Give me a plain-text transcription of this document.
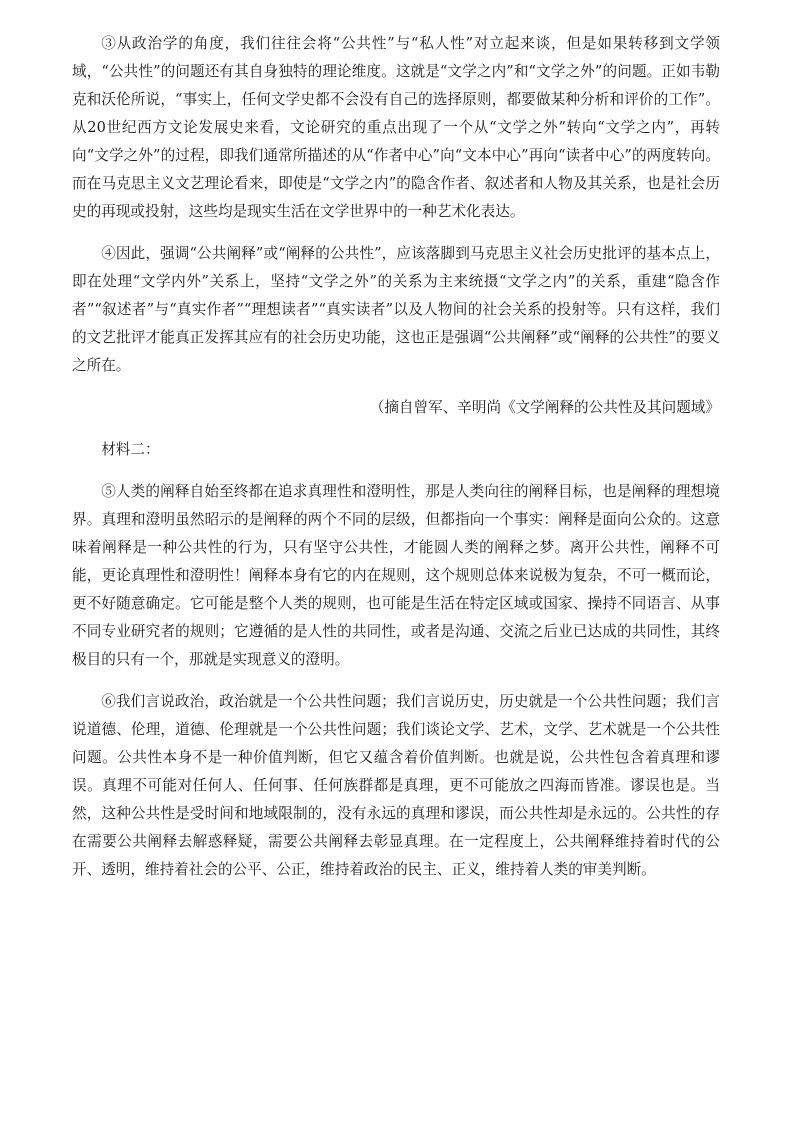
③从政治学的角度，我们往往会将“公共性”与“私人性”对立起来谈，但是如果转移到文学领域，“公共性”的问题还有其自身独特的理论维度。这就是“文学之内”和“文学之外”的问题。正如韦勒克和沃伦所说，“事实上，任何文学史都不会没有自己的选择原则，都要做某种分析和评价的工作”。从20世纪西方文论发展史来看，文论研究的重点出现了一个从“文学之外”转向“文学之内”，再转向“文学之外”的过程，即我们通常所描述的从“作者中心”向“文本中心”再向“读者中心”的两度转向。而在马克思主义文艺理论看来，即使是“文学之内”的隐含作者、叙述者和人物及其关系，也是社会历史的再现或投射，这些均是现实生活在文学世界中的一种艺术化表达。

④因此，强调“公共阐释”或“阐释的公共性”，应该落脚到马克思主义社会历史批评的基本点上，即在处理“文学内外”关系上，坚持“文学之外”的关系为主来统摄“文学之内”的关系，重建“隐含作者”“叙述者”与“真实作者”“理想读者”“真实读者”以及人物间的社会关系的投射等。只有这样，我们的文艺批评才能真正发挥其应有的社会历史功能，这也正是强调“公共阐释”或“阐释的公共性”的要义之所在。

（摘自曾军、辛明尚《文学阐释的公共性及其问题域》

材料二：

⑤人类的阐释自始至终都在追求真理性和澄明性，那是人类向往的阐释目标，也是阐释的理想境界。真理和澄明虽然昭示的是阐释的两个不同的层级，但都指向一个事实：阐释是面向公众的。这意味着阐释是一种公共性的行为，只有坚守公共性，才能圆人类的阐释之梦。离开公共性，阐释不可能，更论真理性和澄明性！阐释本身有它的内在规则，这个规则总体来说极为复杂，不可一概而论，更不好随意确定。它可能是整个人类的规则，也可能是生活在特定区域或国家、操持不同语言、从事不同专业研究者的规则；它遵循的是人性的共同性，或者是沟通、交流之后业已达成的共同性，其终极目的只有一个，那就是实现意义的澄明。

⑥我们言说政治，政治就是一个公共性问题；我们言说历史，历史就是一个公共性问题；我们言说道德、伦理，道德、伦理就是一个公共性问题；我们谈论文学、艺术，文学、艺术就是一个公共性问题。公共性本身不是一种价值判断，但它又蕴含着价值判断。也就是说，公共性包含着真理和谬误。真理不可能对任何人、任何事、任何族群都是真理，更不可能放之四海而皆准。谬误也是。当然，这种公共性是受时间和地域限制的，没有永远的真理和谬误，而公共性却是永远的。公共性的存在需要公共阐释去解惑释疑，需要公共阐释去彰显真理。在一定程度上，公共阐释维持着时代的公开、透明，维持着社会的公平、公正，维持着政治的民主、正义，维持着人类的审美判断。
